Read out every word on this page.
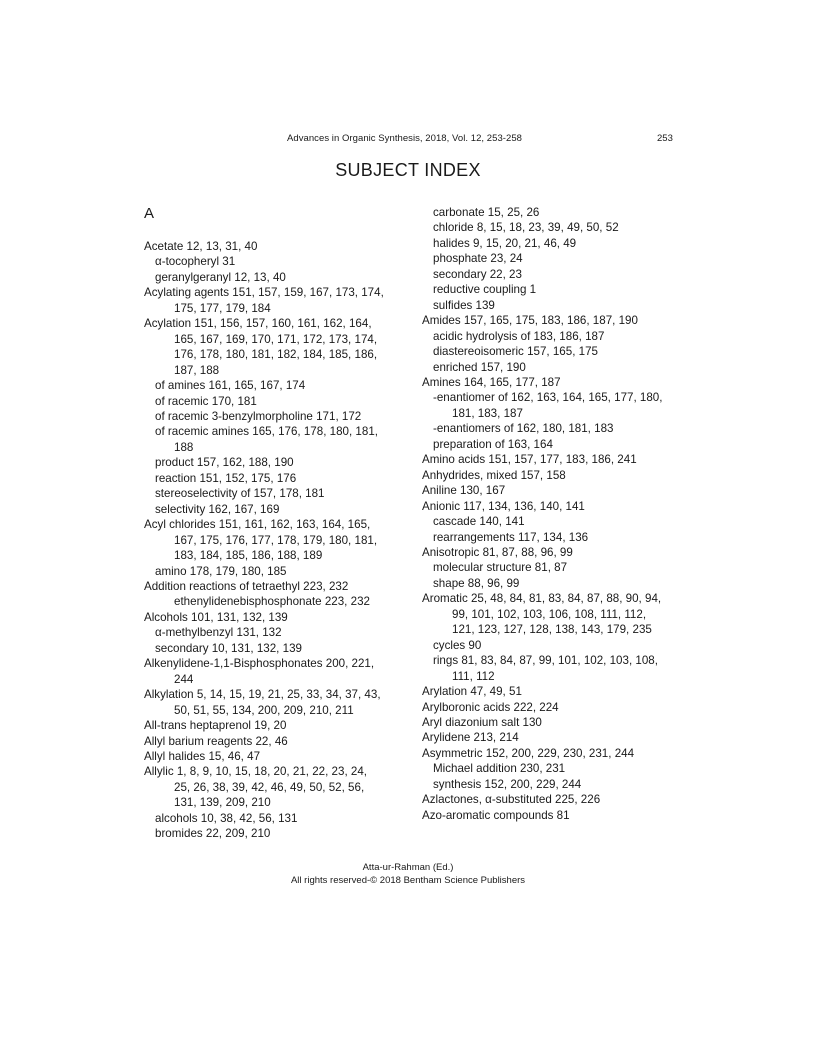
Advances in Organic Synthesis, 2018, Vol. 12, 253-258	253
SUBJECT INDEX
A
Acetate 12, 13, 31, 40
α-tocopheryl 31
geranylgeranyl 12, 13, 40
Acylating agents 151, 157, 159, 167, 173, 174,
175, 177, 179, 184
Acylation 151, 156, 157, 160, 161, 162, 164,
165, 167, 169, 170, 171, 172, 173, 174,
176, 178, 180, 181, 182, 184, 185, 186,
187, 188
of amines 161, 165, 167, 174
of racemic 170, 181
of racemic 3-benzylmorpholine 171, 172
of racemic amines 165, 176, 178, 180, 181,
188
product 157, 162, 188, 190
reaction 151, 152, 175, 176
stereoselectivity of 157, 178, 181
selectivity 162, 167, 169
Acyl chlorides 151, 161, 162, 163, 164, 165,
167, 175, 176, 177, 178, 179, 180, 181,
183, 184, 185, 186, 188, 189
amino 178, 179, 180, 185
Addition reactions of tetraethyl 223, 232
ethenylidenebisphosphonate 223, 232
Alcohols 101, 131, 132, 139
α-methylbenzyl 131, 132
secondary 10, 131, 132, 139
Alkenylidene-1,1-Bisphosphonates 200, 221,
244
Alkylation 5, 14, 15, 19, 21, 25, 33, 34, 37, 43,
50, 51, 55, 134, 200, 209, 210, 211
All-trans heptaprenol 19, 20
Allyl barium reagents 22, 46
Allyl halides 15, 46, 47
Allylic 1, 8, 9, 10, 15, 18, 20, 21, 22, 23, 24,
25, 26, 38, 39, 42, 46, 49, 50, 52, 56,
131, 139, 209, 210
alcohols 10, 38, 42, 56, 131
bromides 22, 209, 210
carbonate 15, 25, 26
chloride 8, 15, 18, 23, 39, 49, 50, 52
halides 9, 15, 20, 21, 46, 49
phosphate 23, 24
secondary 22, 23
reductive coupling 1
sulfides 139
Amides 157, 165, 175, 183, 186, 187, 190
acidic hydrolysis of 183, 186, 187
diastereoisomeric 157, 165, 175
enriched 157, 190
Amines 164, 165, 177, 187
-enantiomer of 162, 163, 164, 165, 177, 180,
181, 183, 187
-enantiomers of 162, 180, 181, 183
preparation of 163, 164
Amino acids 151, 157, 177, 183, 186, 241
Anhydrides, mixed 157, 158
Aniline 130, 167
Anionic 117, 134, 136, 140, 141
cascade 140, 141
rearrangements 117, 134, 136
Anisotropic 81, 87, 88, 96, 99
molecular structure 81, 87
shape 88, 96, 99
Aromatic 25, 48, 84, 81, 83, 84, 87, 88, 90, 94,
99, 101, 102, 103, 106, 108, 111, 112,
121, 123, 127, 128, 138, 143, 179, 235
cycles 90
rings 81, 83, 84, 87, 99, 101, 102, 103, 108,
111, 112
Arylation 47, 49, 51
Arylboronic acids 222, 224
Aryl diazonium salt 130
Arylidene 213, 214
Asymmetric 152, 200, 229, 230, 231, 244
Michael addition 230, 231
synthesis 152, 200, 229, 244
Azlactones, α-substituted 225, 226
Azo-aromatic compounds 81
Atta-ur-Rahman (Ed.)
All rights reserved-© 2018 Bentham Science Publishers
